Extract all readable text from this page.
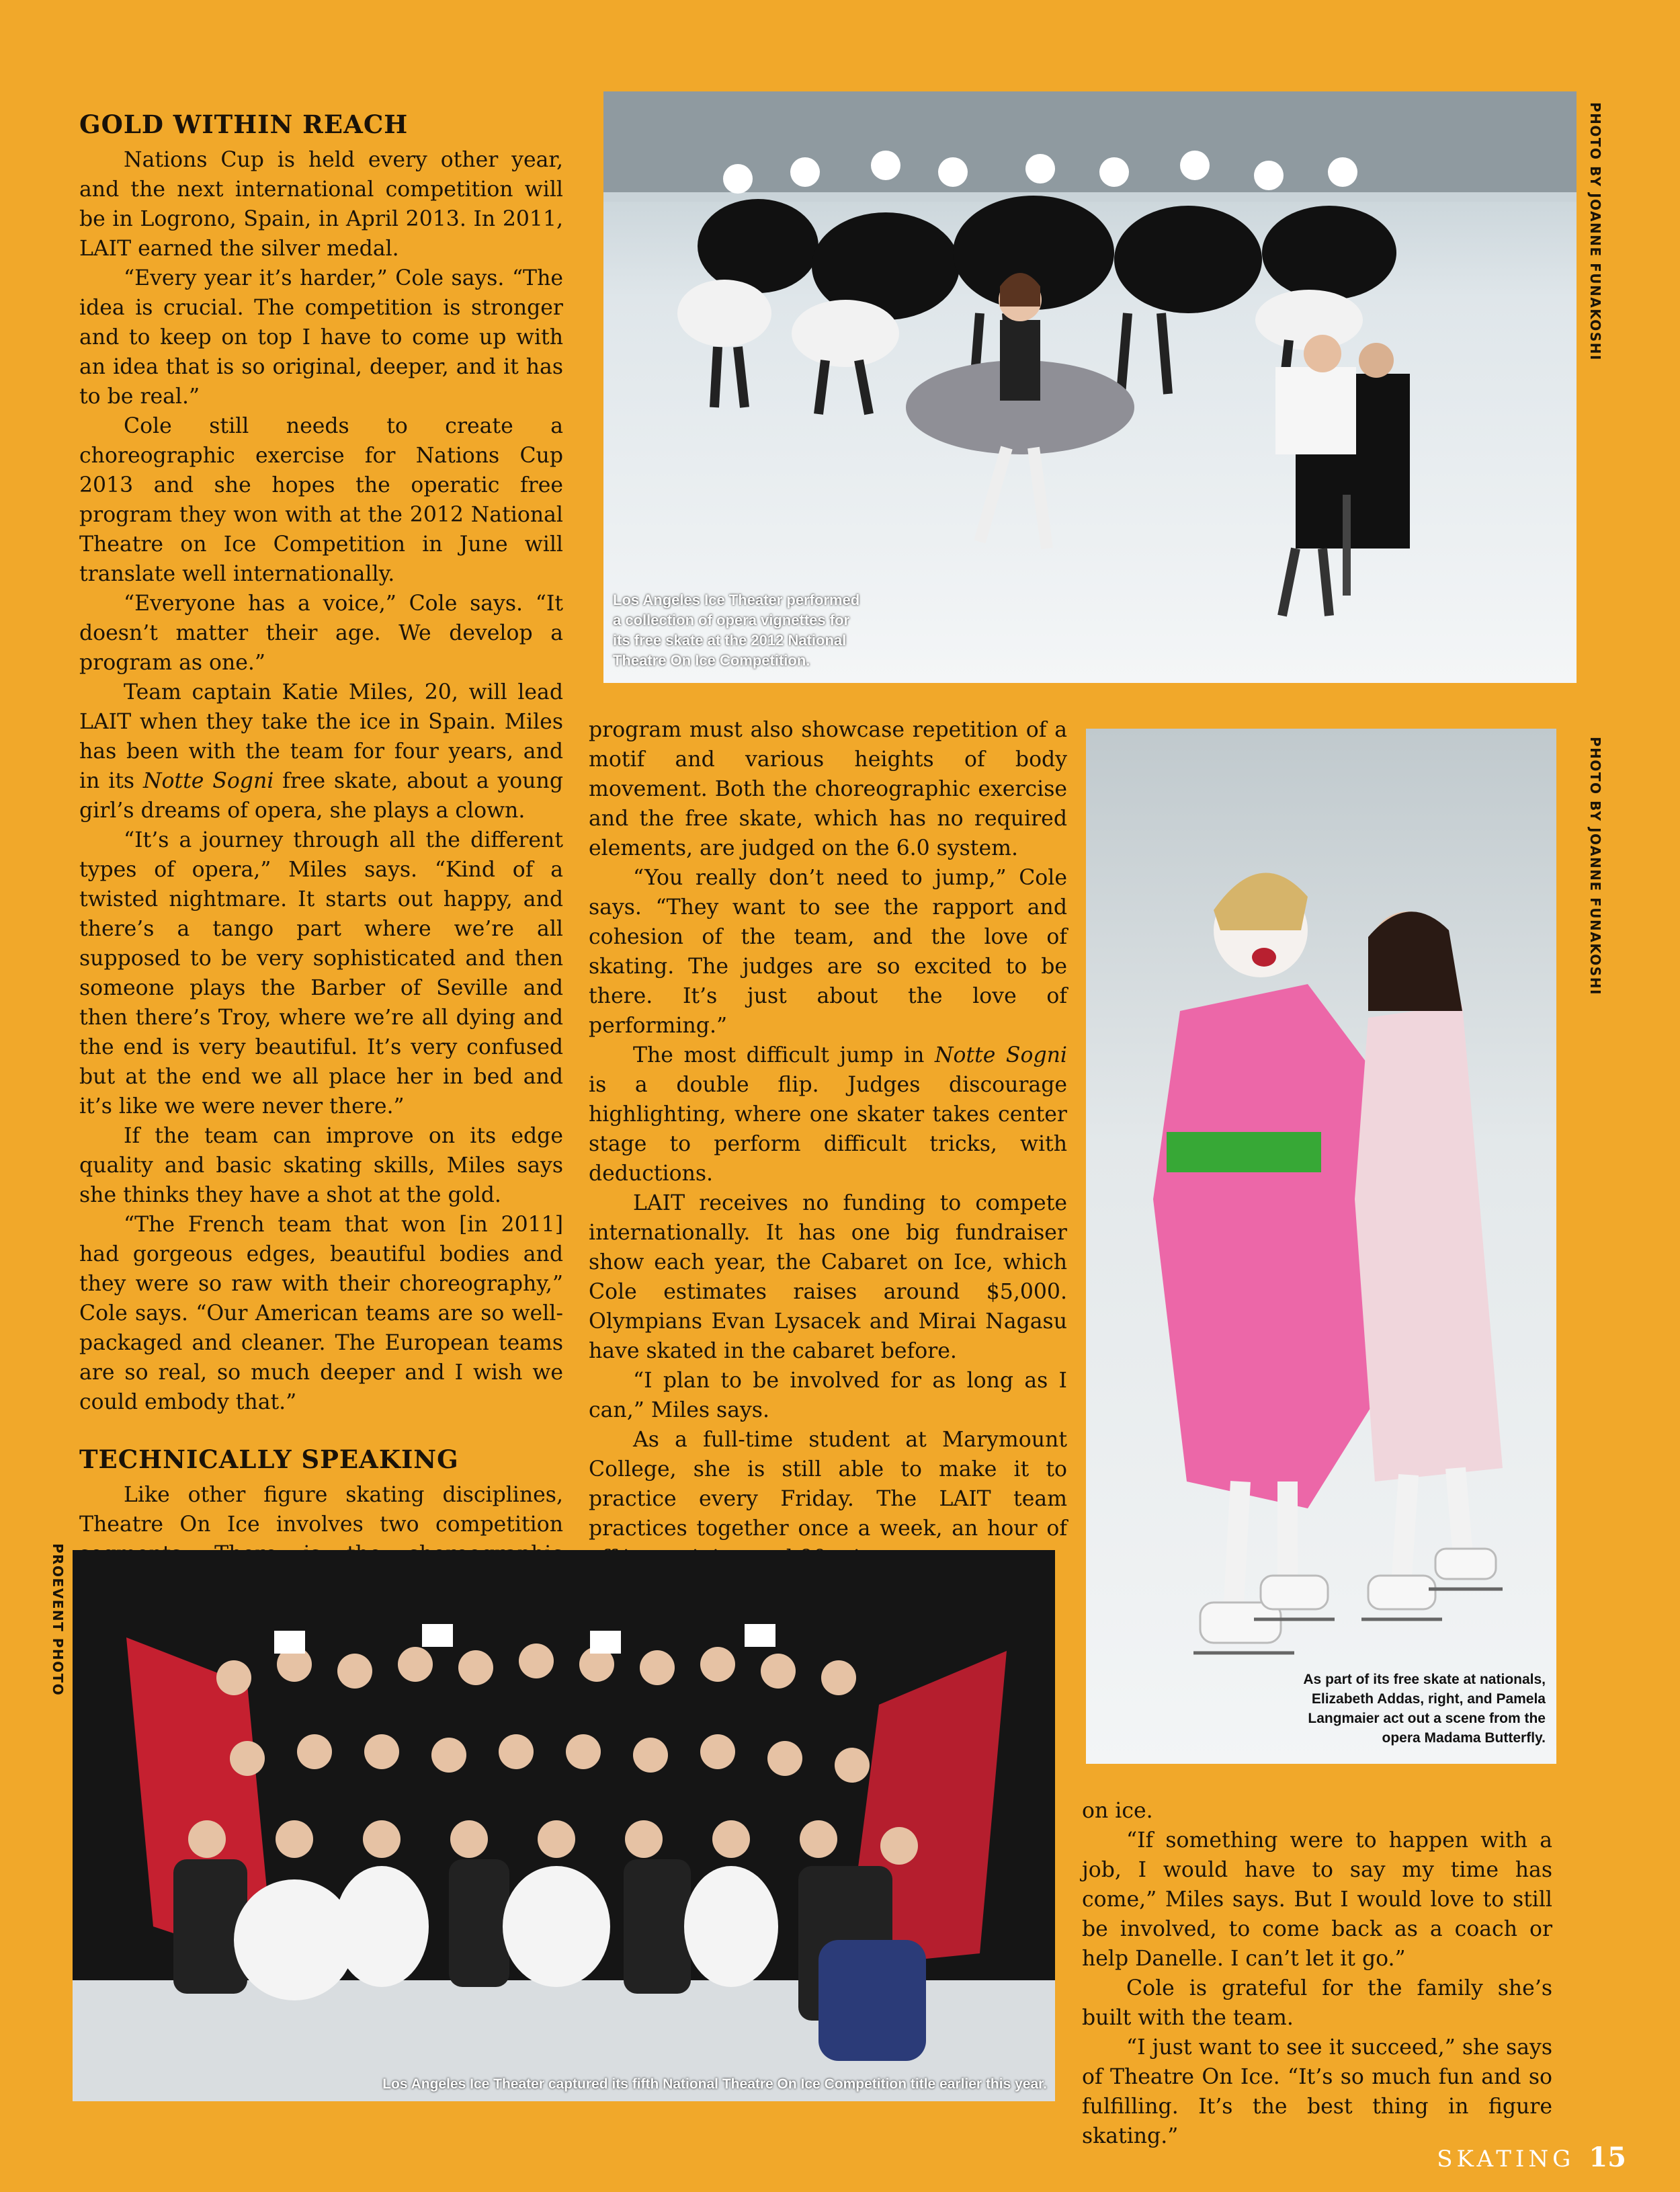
GOLD WITHIN REACH

Nations Cup is held every other year, and the next international competition will be in Logrono, Spain, in April 2013. In 2011, LAIT earned the silver medal.

“Every year it’s harder,” Cole says. “The idea is crucial. The competition is stronger and to keep on top I have to come up with an idea that is so original, deeper, and it has to be real.”

Cole still needs to create a choreographic exercise for Nations Cup 2013 and she hopes the operatic free program they won with at the 2012 National Theatre on Ice Competition in June will translate well internationally.

“Everyone has a voice,” Cole says. “It doesn’t matter their age. We develop a program as one.”

Team captain Katie Miles, 20, will lead LAIT when they take the ice in Spain. Miles has been with the team for four years, and in its Notte Sogni free skate, about a young girl’s dreams of opera, she plays a clown.

“It’s a journey through all the different types of opera,” Miles says. “Kind of a twisted nightmare. It starts out happy, and there’s a tango part where we’re all supposed to be very sophisticated and then someone plays the Barber of Seville and then there’s Troy, where we’re all dying and the end is very beautiful. It’s very confused but at the end we all place her in bed and it’s like we were never there.”

If the team can improve on its edge quality and basic skating skills, Miles says she thinks they have a shot at the gold.

“The French team that won [in 2011] had gorgeous edges, beautiful bodies and they were so raw with their choreography,” Cole says. “Our American teams are so well-packaged and cleaner. The European teams are so real, so much deeper and I wish we could embody that.”

TECHNICALLY SPEAKING

Like other figure skating disciplines, Theatre On Ice involves two competition

program must also showcase repetition of a motif and various heights of body movement. Both the choreographic exercise and the free skate, which has no required elements, are judged on the 6.0 system.

“You really don’t need to jump,” Cole says. “They want to see the rapport and cohesion of the team, and the love of skating. The judges are so excited to be there. It’s just about the love of performing.”

The most difficult jump in Notte Sogni is a double flip. Judges discourage highlighting, where one skater takes center stage to perform difficult tricks, with deductions.

LAIT receives no funding to compete internationally. It has one big fundraiser show each year, the Cabaret on Ice, which Cole estimates raises around $5,000. Olympians Evan Lysacek and Mirai Nagasu have skated in the cabaret before.

“I plan to be involved for as long as I can,” Miles says.

As a full-time student at Marymount College, she is still able to make it to practice every Friday. The LAIT team practices together once a week, an hour of

on ice.

“If something were to happen with a job, I would have to say my time has come,” Miles says. But I would love to still be involved, to come back as a coach or help Danelle. I can’t let it go.”

Cole is grateful for the family she’s built with the team.

“I just want to see it succeed,” she says of Theatre On Ice. “It’s so much fun and so fulfilling. It’s the best thing in figure skating.”

Los Angeles Ice Theater performed a collection of opera vignettes for its free skate at the 2012 National Theatre On Ice Competition.
PHOTO BY JOANNE FUNAKOSHI
As part of its free skate at nationals, Elizabeth Addas, right, and Pamela Langmaier act out a scene from the opera Madama Butterfly.
PHOTO BY JOANNE FUNAKOSHI
Los Angeles Ice Theater captured its fifth National Theatre On Ice Competition title earlier this year.
PROEVENT PHOTO
SKATING 15
